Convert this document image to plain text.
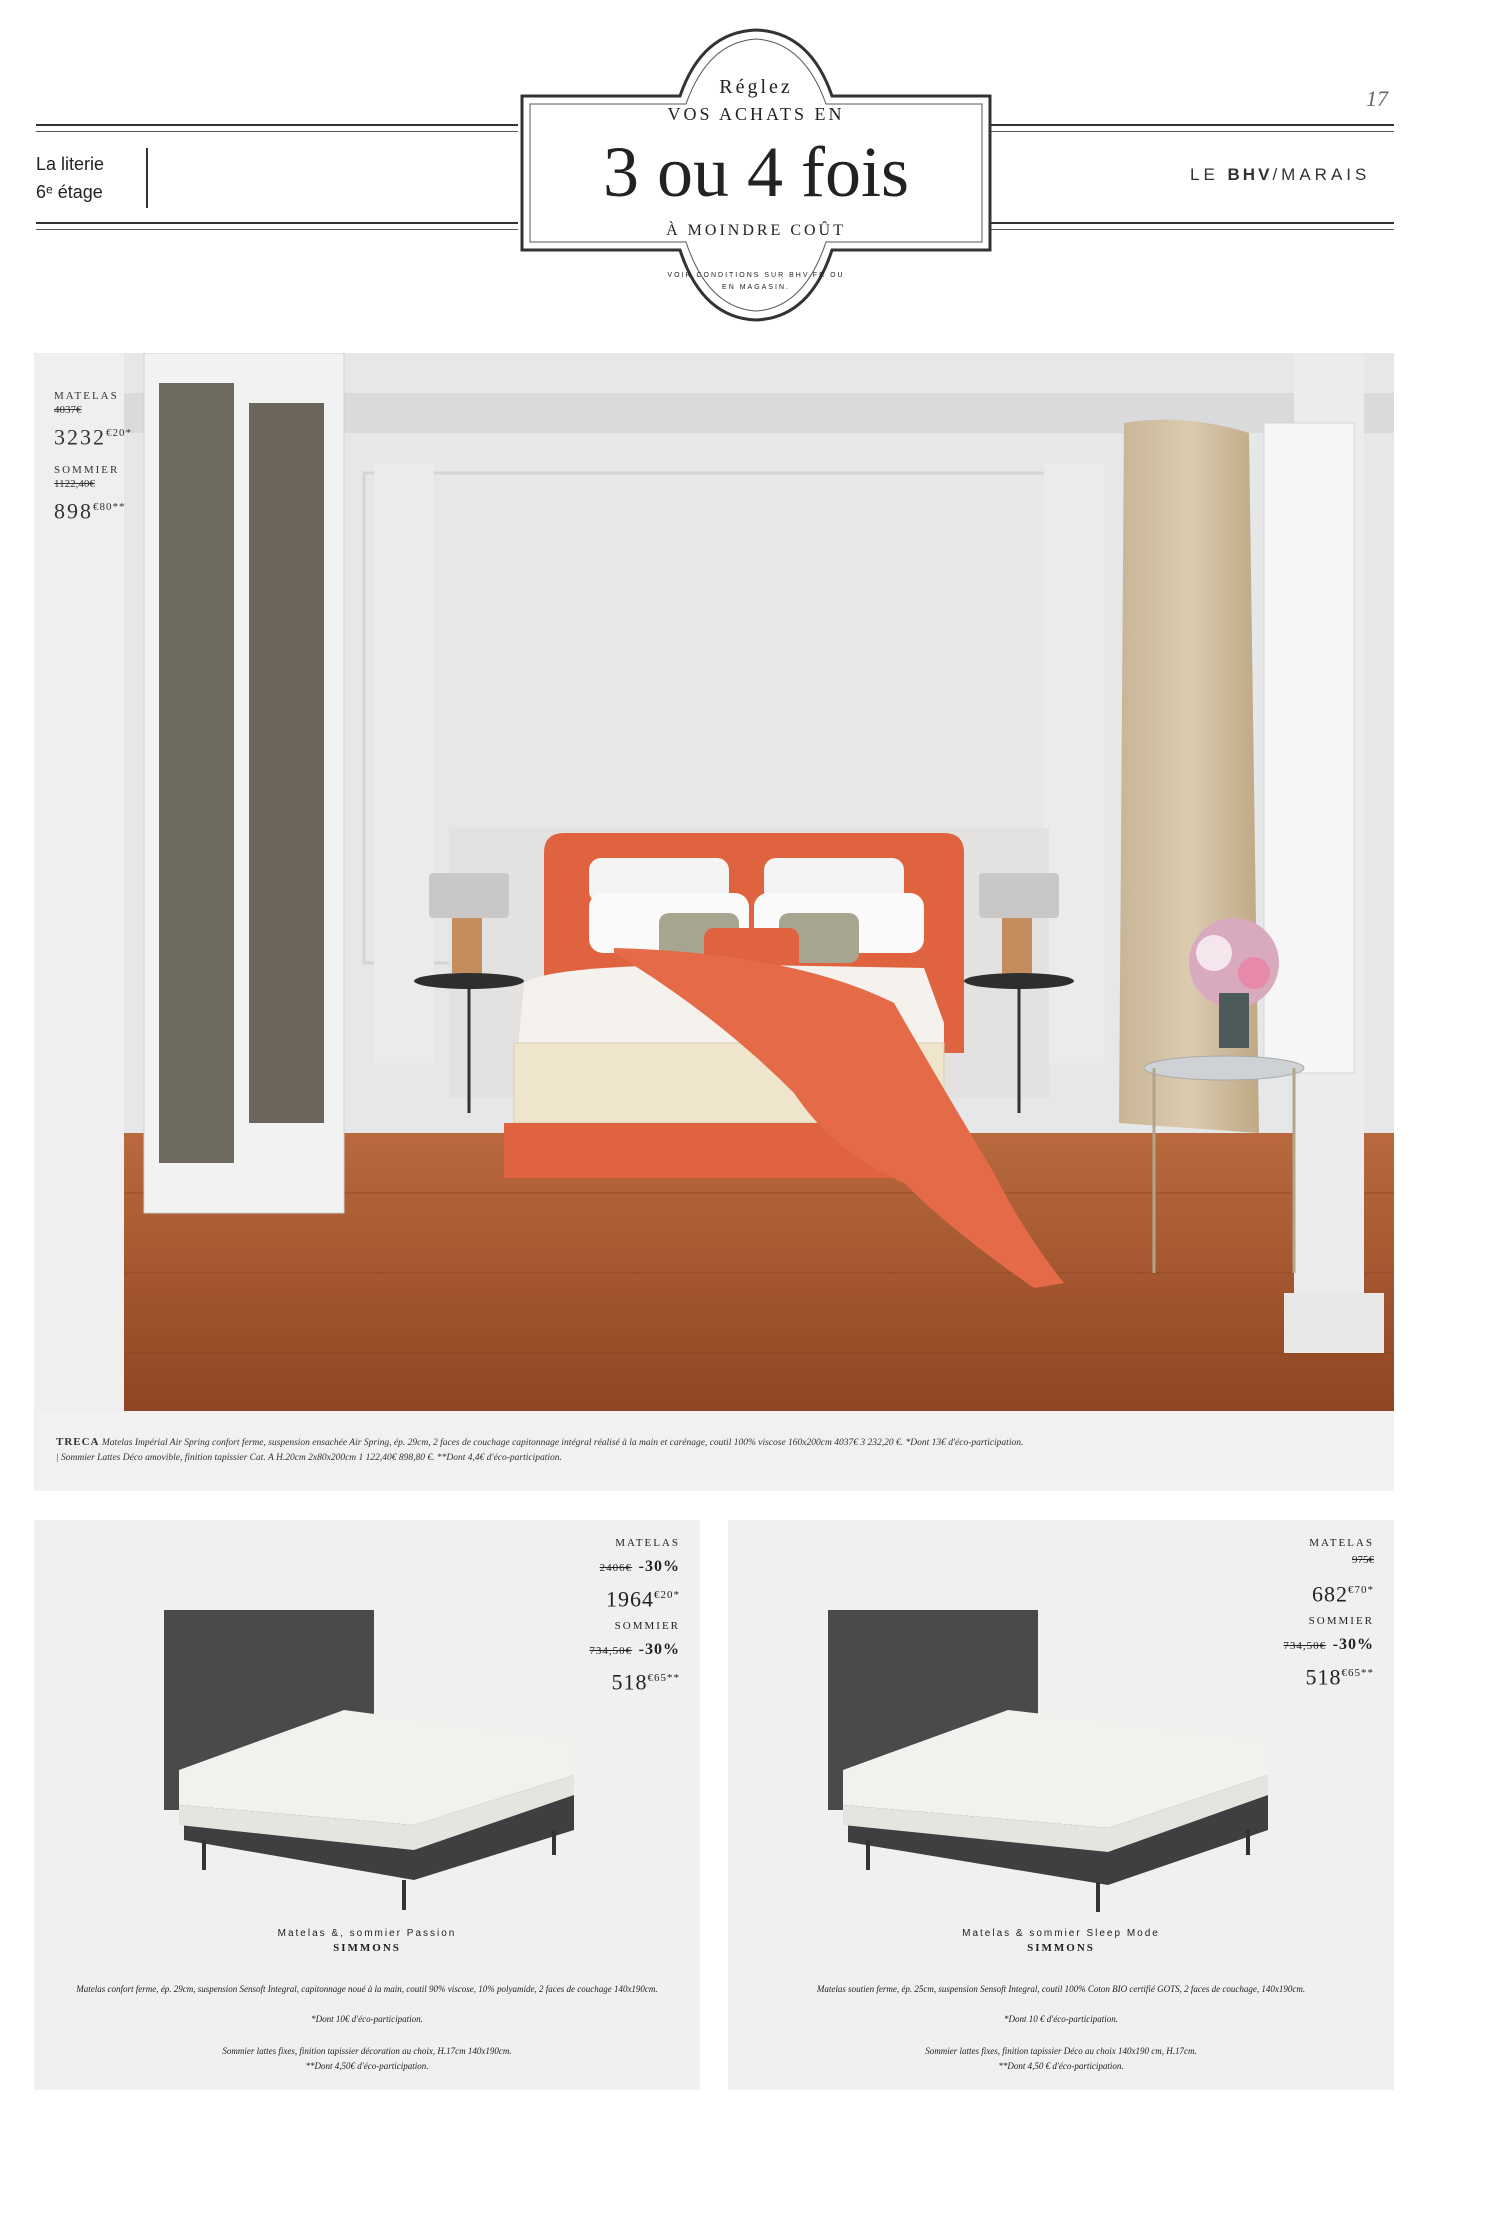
La literie
6ᵉ étage
17
LE BHV/MARAIS
Réglez
VOS ACHATS EN
3 ou 4 fois
À MOINDRE COÛT
VOIR CONDITIONS SUR BHV.FR OU EN MAGASIN.
MATELAS
4037€
$3232^{€20*}$
SOMMIER
1122,40€
$898^{€80**}$

TRECA Matelas Impérial Air Spring confort ferme, suspension ensachée Air Spring, ép. 29cm, 2 faces de couchage capitonnage intégral réalisé à la main et carénage, coutil 100% viscose 160x200cm 4037€ 3 232,20 €. *Dont 13€ d'éco-participation.

| Sommier Lattes Déco amovible, finition tapissier Cat. A H.20cm 2x80x200cm 1 122,40€ 898,80 €. **Dont 4,4€ d'éco-participation.

MATELAS
2406€ -30%
$1964^{€20*}$
SOMMIER
734,50€ -30%
$518^{€65**}$
Matelas &, sommier Passion
SIMMONS
Matelas confort ferme, ép. 29cm, suspension Sensoft Integral, capitonnage noué à la main, coutil 90% viscose, 10% polyamide, 2 faces de couchage 140x190cm.
*Dont 10€ d'éco-participation.
Sommier lattes fixes, finition tapissier décoration au choix, H.17cm 140x190cm.
**Dont 4,50€ d'éco-participation.
MATELAS
975€
$682^{€70*}$
SOMMIER
734,50€ -30%
$518^{€65**}$
Matelas & sommier Sleep Mode
SIMMONS
Matelas soutien ferme, ép. 25cm, suspension Sensoft Integral, coutil 100% Coton BIO certifié GOTS, 2 faces de couchage, 140x190cm.
*Dont 10 € d'éco-participation.
Sommier lattes fixes, finition tapissier Déco au choix 140x190 cm, H.17cm.
**Dont 4,50 € d'éco-participation.
